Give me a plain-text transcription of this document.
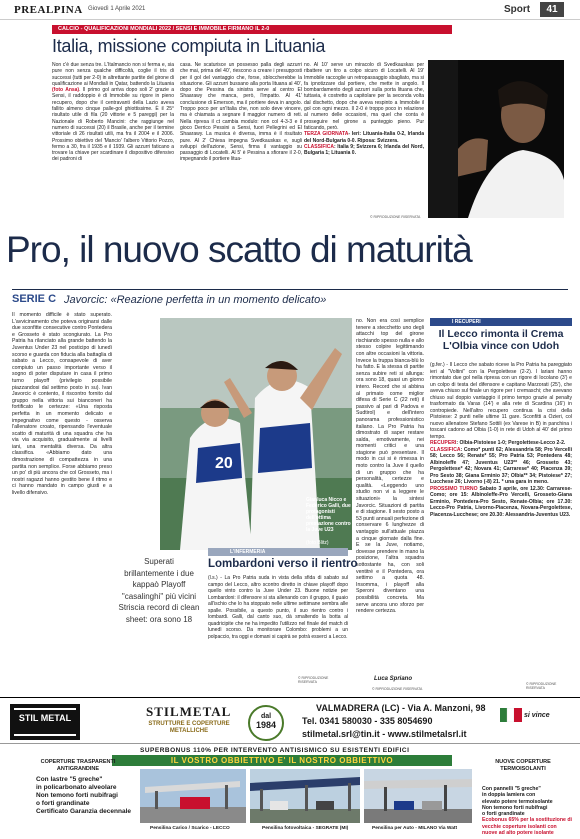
PREALPINA Giovedì 1 Aprile 2021	Sport	41
CALCIO - QUALIFICAZIONI MONDIALI 2022 / SENSI E IMMOBILE FIRMANO IL 2-0
Italia, missione compiuta in Lituania
Non c'è due senza tre. L'Italmancio non si ferma e, sia pure non senza qualche difficoltà, coglie il tris di successi (tutti per 2-0) in altrettante partite del girone di qualificazione ai Mondiali in Qatar, battendo la Lituania (foto Ansa). Il primo gol arriva dopo soli 2' grazie a Sensi, il raddoppio è di Immobile su rigore in pieno recupero, dopo che il centravanti della Lazio aveva fallito almeno cinque palle-gol ghiottissime. È il 25° risultato utile di fila (20 vittorie e 5 pareggi) per la Nazionale di Roberto Mancini: che raggiunge nel numero di successi (20) il Brasile, anche per il termine vittoriale di 26 risultati utili, ma fra il 2004 e il 2006. Prossimo obiettivo del 'Mancio' l'albero Vittorio Pozzo, fermo a 30, fra il 1935 e il 1939. Gli azzurri faticano a trovare la chiave per scardinare il dispositivo difensivo dei padroni di
casa. Ne scaturisce un possesso palla degli azzurri che mai, prima del 40', riescono a creare i presupposti per il gol del vantaggio che, forse, sbloccherebbe la situazione. Gli azzurri bussano alla porta lituana al 40', dopo che Pessina da sinistra serve al centro El Shaarawy che manca, però, l'impatto. Al 41' conclusione di Emerson, ma il portiere deva in angolo. Troppo poco per un'Italia che, non solo deve vincere, ma è chiamata a segnare il maggior numero di reti. Nella ripresa il ct cambia modulo: non col 4-3-3 e il gioco Derrico Pessini a Sensi, fuori Pellegrini ed El Shaarawy. La musica è diversa, imma è il risultato pure. Al 2' Chiesa impegna Svedkauskas e, sugli sviluppi dell'azione, Sensi, firma il vantaggio su passaggio di Locatelli. Al 5' è Pessina a sfiorare il 2-0, impegnando il portiere litua-
no. Al 10' serve un miracolo di Svedkauskas per ribattere un tiro a colpo sicuro di Locatelli. Al 19' Immobile raccoglie un retropassaggio sbagliato, ma si fa ipnotizzare dal portiere, che mette in angolo. Il bombardamento degli azzurri sulla porta lituana che, tuttavia, è costretto a capitolare per la seconda volta dal dischetto, dopo che aveva respinto a Immobile il gol con ogni mezzo. Il 2-0 è troppo poco in relazione al numero delle occasioni, ma quel che conta è proseguire nel girone a punteggio pieno. Pur faticando, però.
TERZA GIORNATA- Ieri: Lituania-Italia 0-2, Irlanda del Nord-Bulgaria 0-0. Riposa: Svizzera.
CLASSIFICA: Italia 9; Svizzera 6; Irlanda del Nord, Bulgaria 1; Lituania 0.
© RIPRODUZIONE RISERVATA
Pro, il nuovo scatto di maturità
SERIE C Javorcic: «Reazione perfetta in un momento delicato»
Il momento difficile è stato superato. L'avvicinamento che poteva originarsi dalle due sconfitte consecutive contro Pontedera e Grosseto è stato scongiurato. La Pro Patria ha rilanciato alla grande battendo la Juventus Under 23 nel posticipo di lunedì scorso e guarda con fiducia alla battaglia di sabato a Lecco, consapevole di aver compiuto un passo importante verso il sogno di poter disputare in casa il primo turno playoff (privilegio possibile piazzandosi dal settimo posto in su). Ivan Javorcic è contento, il riscontro fornito dal gruppo nella vittoria sui bianconeri ha fortificato le certezze: «Una risposta perfetta in un momento delicato e impegnativo come questo - osserva l'allenatore croato, ripensando l'eventuale scatto di maturità di una squadra che ha via via acquisito, gradualmente ai livelli iani, una mentalità diversa. Da altra classifica. «Abbiamo dato una dimostrazione di compattezza in una partita non semplice. Forse abbiamo preso un po' di più ancora che col Grosseto, ma i nostri ragazzi hanno gestito bene il ritmo e ci hanno mandato in campo giusti e a livello difensivo.
20
Gianluca Nicco e Federico Galli, due protagonisti dell'ottima prestazione contro la Juve U23
(foto Blitz)
Superati brillantemente i due kappaò Playoff "casalinghi" più vicini Striscia record di clean sheet: ora sono 18
no. Non era così semplice tenere a stecchetto uno degli attacchi top del girone rischiando spesso nulla e allo stesso colpire legittimando con altre occasioni la vittoria. Invece la truppa bianca-blù lo ha fatto. E la stessa di partite senza subire reti si allunga: ora sono 18, quasi un giorno intero. Record che si abbina al primato come miglior difesa di Serie C (22 reti) il passivo al pari di Padova e Sudtirol) e dell'intero panorama professionistico italiano. La Pro Patria ha dimostrato di saper restare salda, emotivamente, nei momenti critici e una stagione può presentare. Il modo in cui si è rimessa in moto contro la Juve il quello di un gruppo che ha personalità, certezze e qualità. «Leggendo uno studio non vi a leggere le situazioni» la sintesi Javorcic. Situazioni di partita e di stagione. Il sesto posto a 53 punti annuali perfezione di conservare 6 lunghezze di vantaggio sull'attuale piazza a cinque giornate dalla fine. E se la Juve, notiamo, dovesse prendere in mano la posizione, l'altra squadra sottostante ha, con soli ventitré e il Pontedera, ora settimo a quota 48. Insomma, i playoff alla Speroni diventano una possibilità concreta. Ma serve ancora uno sforzo per rendere certezza.
Luca Spriano
© RIPRODUZIONE RISERVATA
L'INFERMERIA
Lombardoni verso il rientro
(l.s.) - La Pro Patria suda in vista della sfida di sabato sul campo del Lecco, altro scontro diretto in chiave playoff dopo quello vinto contro la Juve Under 23. Buone notizie per Lombardoni: il difensore si sta allenando con il gruppo, il guaio all'ischio che lo ha stoppato nelle ultime settimane sembra alle spalle. Possibile, a questo punto, il suo rientro contro i lombardi. Galli, dal canto suo, dà smaltendo la botta al quadricipite che ne ha impedito l'utilizzo nel finale del match di lunedì scorso. Da monitorare Colombo: problemi a un polpaccio, tra oggi e domani si capirà se potrà esserci a Lecco.
© RIPRODUZIONE RISERVATA
I RECUPERI
Il Lecco rimonta il Crema L'Olbia vince con Udoh
(g.fer.) - Il Lecco che sabato riceve la Pro Patria ha pareggiato ieri al "Voltini" con la Pergolettese (2-2). I lariani hanno rimontato due gol nella ripresa con un rigore di Iocolano (3') e un colpo di testa del difensore e capitano Marzorati (25'), che aveva chiuso sul finale un rigore per i cremaschi; che avevano chiuso sul doppio vantaggio il primo tempo grazie al penalty trasformato da Varas (14') e alla rete di Scardina (16') in contropiede. Nell'altro recupero continua la crisi della Pistoiese: 2 punti nelle ultime 11 gare. Sconfitti a Ozieri, col nuovo allenatore Stefano Sottili (ex Varese in B) in panchina i toscani cadono ad Olbia (1-0) in rete di Udoh al 40' del primo tempo.
RECUPERI: Olbia-Pistoiese 1-0; Pergolettese-Lecco 2-2.
CLASSIFICA: Como* punti 62; Alessandria 58; Pro Vercelli 58; Lecco 56; Renate* 55; Pro Patria 53; Pontedera 48; Albinoleffe 47; Juventus U23** 46; Grosseto 43; Pergolettese* 42; Novara 41; Carrarese* 40; Piacenza 39; Pro Sesto 38; Giana Erminio 37; Olbia** 34; Pistoiese* 27; Lucchese 26; Livorno (-8) 21. * una gara in meno.
PROSSIMO TURNO Sabato 3 aprile, ore 12.30: Carrarese-Como; ore 15: Albinoleffe-Pro Vercelli, Grosseto-Giana Erminio, Pontedera-Pro Sesto, Renate-Olbia; ore 17.30: Lecco-Pro Patria, Livorno-Piacenza, Novara-Pergolettese, Piacenza-Lucchese; ore 20.30: Alessandria-Juventus U23.
© RIPRODUZIONE RISERVATA
STIL METAL	STILMETAL
STRUTTURE E COPERTURE METALLICHE
dal
1984
VALMADRERA (LC) - Via A. Manzoni, 98
Tel. 0341 580030 - 335 8054690
stilmetal.srl@tin.it - www.stilmetalsrl.it
si vince
SUPERBONUS 110% PER INTERVENTO ANTISISMICO SU ESISTENTI EDIFICI
IL VOSTRO OBBIETTIVO E' IL NOSTRO OBBIETTIVO
COPERTURE TRASPARENTI ANTIGRANDINE
Con lastre "5 greche"
in policarbonato alveolare
Non temono forti nubifragi
o forti grandinate
Certificato Garanzia decennale
Pensilina Carico / Scarico - LECCO	Pensilina fotovoltaica - SEGRATE (MI)	Pensilina per Auto - MILANO Via Watt
NUOVE COPERTURE TERMOISOLANTI
Con pannelli "5 greche"
in doppia lamiera con
elevato potere termoisolante
Non temono forti nubifragi
o forti grandinate
Ecobonus 65% per la sostituzione di vecchie coperture isolanti con nuove ad alto potere isolante
